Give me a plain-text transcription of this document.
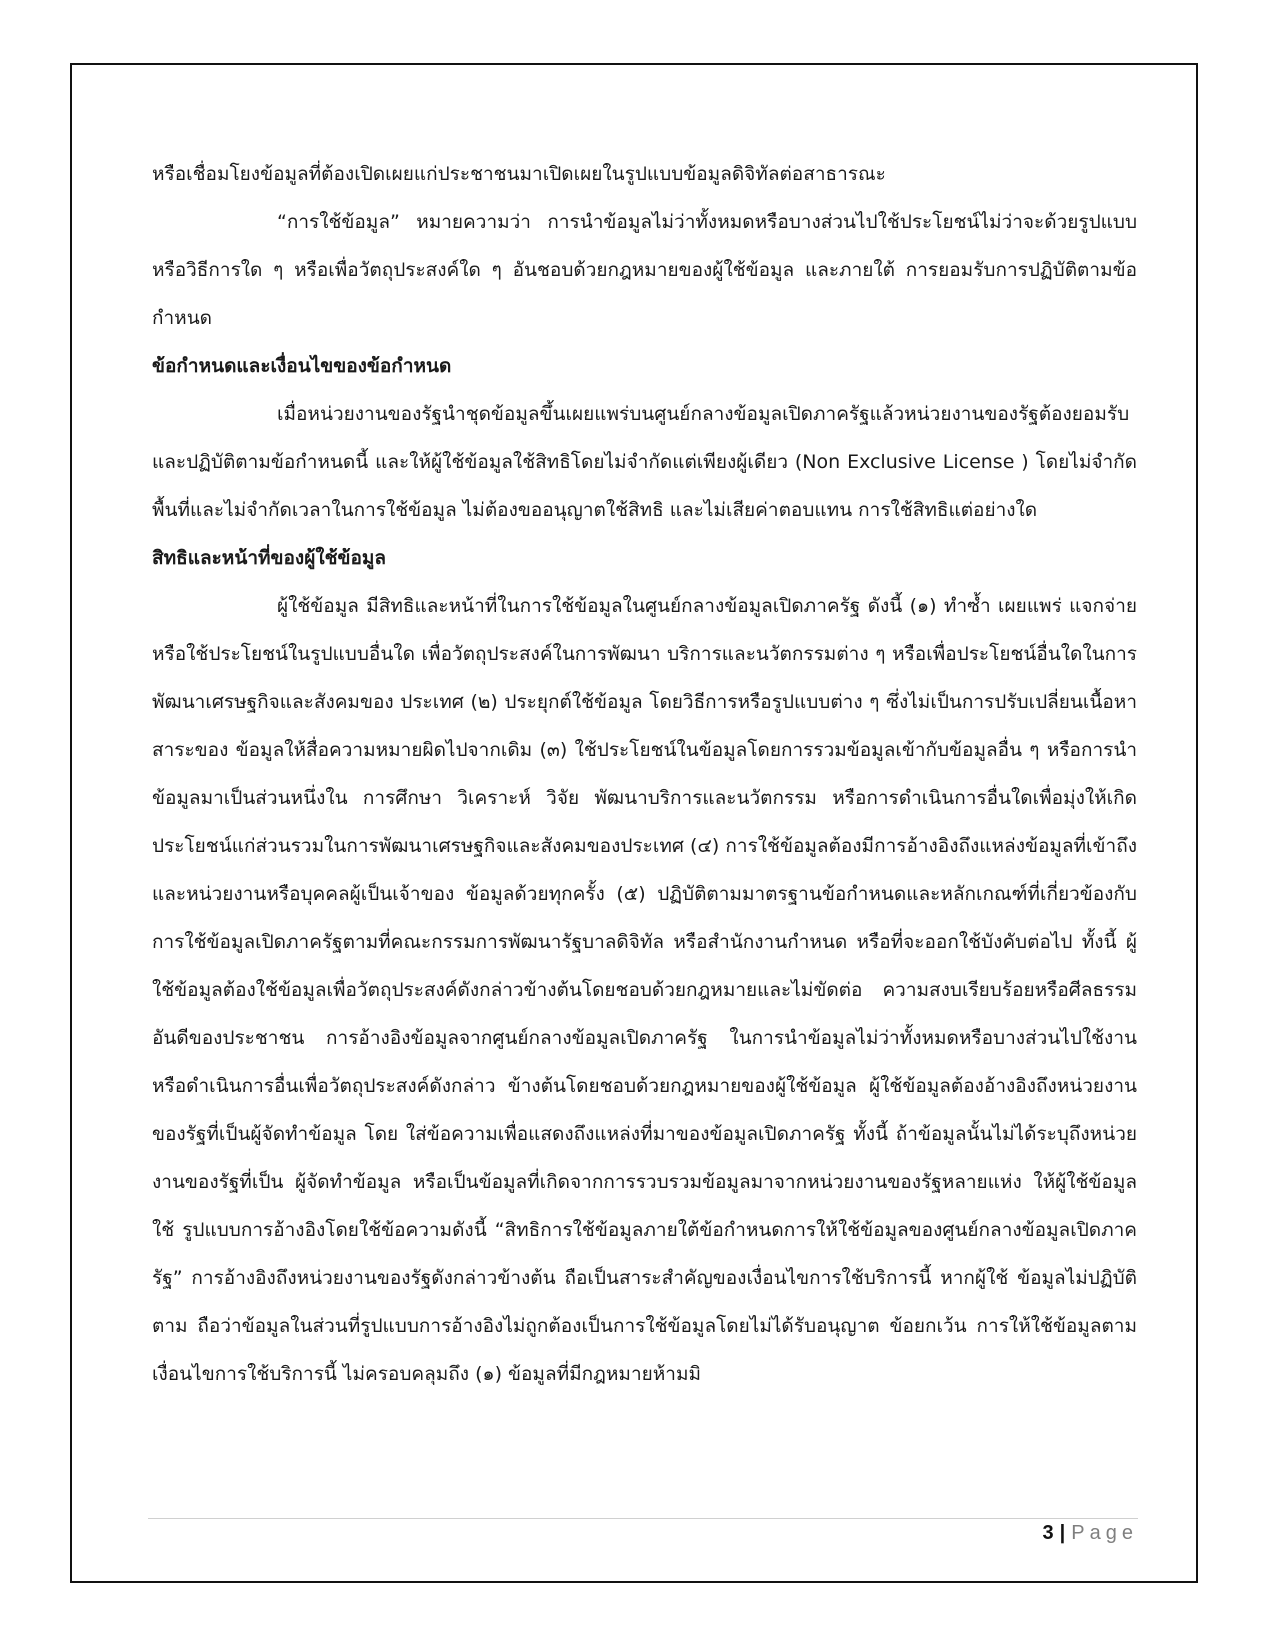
หรือเชื่อมโยงข้อมูลที่ต้องเปิดเผยแก่ประชาชนมาเปิดเผยในรูปแบบข้อมูลดิจิทัลต่อสาธารณะ

“การใช้ข้อมูล” หมายความว่า การนำข้อมูลไม่ว่าทั้งหมดหรือบางส่วนไปใช้ประโยชน์ไม่ว่าจะด้วยรูปแบบหรือวิธีการใด ๆ หรือเพื่อวัตถุประสงค์ใด ๆ อันชอบด้วยกฎหมายของผู้ใช้ข้อมูล และภายใต้ การยอมรับการปฏิบัติตามข้อกำหนด

ข้อกำหนดและเงื่อนไขของข้อกำหนด

เมื่อหน่วยงานของรัฐนำชุดข้อมูลขึ้นเผยแพร่บนศูนย์กลางข้อมูลเปิดภาครัฐแล้วหน่วยงานของรัฐต้องยอมรับและปฏิบัติตามข้อกำหนดนี้ และให้ผู้ใช้ข้อมูลใช้สิทธิโดยไม่จำกัดแต่เพียงผู้เดียว (Non Exclusive License ) โดยไม่จำกัดพื้นที่และไม่จำกัดเวลาในการใช้ข้อมูล ไม่ต้องขออนุญาตใช้สิทธิ และไม่เสียค่าตอบแทน การใช้สิทธิแต่อย่างใด

สิทธิและหน้าที่ของผู้ใช้ข้อมูล

ผู้ใช้ข้อมูล มีสิทธิและหน้าที่ในการใช้ข้อมูลในศูนย์กลางข้อมูลเปิดภาครัฐ ดังนี้ (๑) ทำซ้ำ เผยแพร่ แจกจ่าย หรือใช้ประโยชน์ในรูปแบบอื่นใด เพื่อวัตถุประสงค์ในการพัฒนา บริการและนวัตกรรมต่าง ๆ หรือเพื่อประโยชน์อื่นใดในการพัฒนาเศรษฐกิจและสังคมของ ประเทศ (๒) ประยุกต์ใช้ข้อมูล โดยวิธีการหรือรูปแบบต่าง ๆ ซึ่งไม่เป็นการปรับเปลี่ยนเนื้อหาสาระของ ข้อมูลให้สื่อความหมายผิดไปจากเดิม (๓) ใช้ประโยชน์ในข้อมูลโดยการรวมข้อมูลเข้ากับข้อมูลอื่น ๆ หรือการนำข้อมูลมาเป็นส่วนหนึ่งใน การศึกษา วิเคราะห์ วิจัย พัฒนาบริการและนวัตกรรม หรือการดำเนินการอื่นใดเพื่อมุ่งให้เกิด ประโยชน์แก่ส่วนรวมในการพัฒนาเศรษฐกิจและสังคมของประเทศ (๔) การใช้ข้อมูลต้องมีการอ้างอิงถึงแหล่งข้อมูลที่เข้าถึงและหน่วยงานหรือบุคคลผู้เป็นเจ้าของ ข้อมูลด้วยทุกครั้ง (๕) ปฏิบัติตามมาตรฐานข้อกำหนดและหลักเกณฑ์ที่เกี่ยวข้องกับการใช้ข้อมูลเปิดภาครัฐตามที่คณะกรรมการพัฒนารัฐบาลดิจิทัล หรือสำนักงานกำหนด หรือที่จะออกใช้บังคับต่อไป ทั้งนี้ ผู้ใช้ข้อมูลต้องใช้ข้อมูลเพื่อวัตถุประสงค์ดังกล่าวข้างต้นโดยชอบด้วยกฎหมายและไม่ขัดต่อ ความสงบเรียบร้อยหรือศีลธรรมอันดีของประชาชน การอ้างอิงข้อมูลจากศูนย์กลางข้อมูลเปิดภาครัฐ ในการนำข้อมูลไม่ว่าทั้งหมดหรือบางส่วนไปใช้งาน หรือดำเนินการอื่นเพื่อวัตถุประสงค์ดังกล่าว ข้างต้นโดยชอบด้วยกฎหมายของผู้ใช้ข้อมูล ผู้ใช้ข้อมูลต้องอ้างอิงถึงหน่วยงานของรัฐที่เป็นผู้จัดทำข้อมูล โดย ใส่ข้อความเพื่อแสดงถึงแหล่งที่มาของข้อมูลเปิดภาครัฐ ทั้งนี้ ถ้าข้อมูลนั้นไม่ได้ระบุถึงหน่วยงานของรัฐที่เป็น ผู้จัดทำข้อมูล หรือเป็นข้อมูลที่เกิดจากการรวบรวมข้อมูลมาจากหน่วยงานของรัฐหลายแห่ง ให้ผู้ใช้ข้อมูลใช้ รูปแบบการอ้างอิงโดยใช้ข้อความดังนี้ “สิทธิการใช้ข้อมูลภายใต้ข้อกำหนดการให้ใช้ข้อมูลของศูนย์กลางข้อมูลเปิดภาครัฐ” การอ้างอิงถึงหน่วยงานของรัฐดังกล่าวข้างต้น ถือเป็นสาระสำคัญของเงื่อนไขการใช้บริการนี้ หากผู้ใช้ ข้อมูลไม่ปฏิบัติตาม ถือว่าข้อมูลในส่วนที่รูปแบบการอ้างอิงไม่ถูกต้องเป็นการใช้ข้อมูลโดยไม่ได้รับอนุญาต ข้อยกเว้น การให้ใช้ข้อมูลตามเงื่อนไขการใช้บริการนี้ ไม่ครอบคลุมถึง (๑) ข้อมูลที่มีกฎหมายห้ามมิ

3 | Page
